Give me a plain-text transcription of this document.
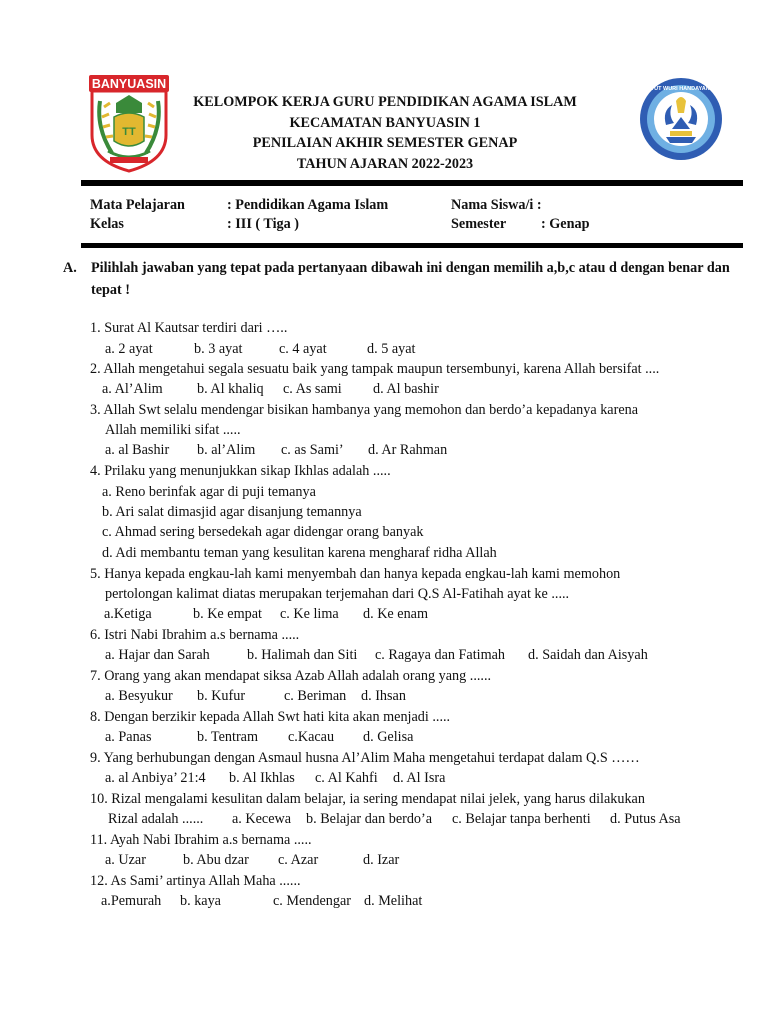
BANYUASIN
TT
TUT WURI HANDAYANI
KELOMPOK KERJA GURU PENDIDIKAN AGAMA ISLAM
KECAMATAN BANYUASIN 1
PENILAIAN AKHIR SEMESTER GENAP
TAHUN AJARAN 2022-2023
Mata Pelajaran	: Pendidikan Agama Islam	Nama Siswa/i :
Kelas	: III ( Tiga )	Semester : Genap
A. Pilihlah jawaban yang tepat pada pertanyaan dibawah ini dengan memilih a,b,c atau d dengan benar dan tepat !
1. Surat Al Kautsar terdiri dari …..
a. 2 ayat	b. 3 ayat	c. 4 ayat	d. 5 ayat
2. Allah mengetahui segala sesuatu baik yang tampak maupun tersembunyi, karena Allah bersifat ....
a. Al’Alim b. Al khaliq c. As sami d. Al bashir
3. Allah Swt selalu mendengar bisikan hambanya yang memohon dan berdo’a kepadanya karena
Allah memiliki sifat .....
a. al Bashir b. al’Alim c. as Sami’ d. Ar Rahman
4. Prilaku yang menunjukkan sikap Ikhlas adalah .....
a. Reno berinfak agar di puji temanya
b. Ari salat dimasjid agar disanjung temannya
c. Ahmad sering bersedekah agar didengar orang banyak
d. Adi membantu teman yang kesulitan karena mengharaf ridha Allah
5. Hanya kepada engkau-lah kami menyembah dan hanya kepada engkau-lah kami memohon
pertolongan kalimat diatas merupakan terjemahan dari Q.S Al-Fatihah ayat ke .....
a.Ketiga	b. Ke empat c. Ke lima d. Ke enam
6. Istri Nabi Ibrahim a.s bernama .....
a. Hajar dan Sarah	b. Halimah dan Siti c. Ragaya dan Fatimah d. Saidah dan Aisyah
7. Orang yang akan mendapat siksa Azab Allah adalah orang yang ......
a. Besyukur b. Kufur	c. Beriman d. Ihsan
8. Dengan berzikir kepada Allah Swt hati kita akan menjadi .....
a. Panas	b. Tentram c.Kacau d. Gelisa
9. Yang berhubungan dengan Asmaul husna Al’Alim Maha mengetahui terdapat dalam Q.S ……
a. al Anbiya’ 21:4 b. Al Ikhlas c. Al Kahfi d. Al Isra
10. Rizal mengalami kesulitan dalam belajar, ia sering mendapat nilai jelek, yang harus dilakukan
Rizal adalah ...... a. Kecewa b. Belajar dan berdo’a c. Belajar tanpa berhenti d. Putus Asa
11. Ayah Nabi Ibrahim a.s bernama .....
a. Uzar	b. Abu dzar c. Azar	d. Izar
12. As Sami’ artinya Allah Maha ......
a.Pemurah b. kaya	c. Mendengar d. Melihat
